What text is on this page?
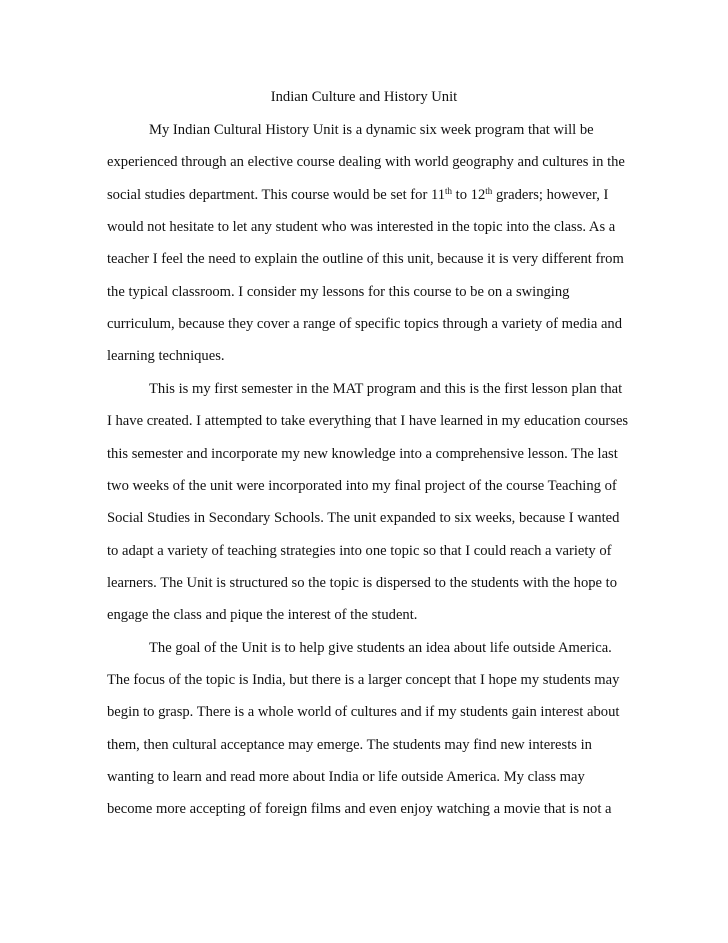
Indian Culture and History Unit
My Indian Cultural History Unit is a dynamic six week program that will be
experienced through an elective course dealing with world geography and cultures in the
social studies department. This course would be set for 11th to 12th graders; however, I
would not hesitate to let any student who was interested in the topic into the class. As a
teacher I feel the need to explain the outline of this unit, because it is very different from
the typical classroom. I consider my lessons for this course to be on a swinging
curriculum, because they cover a range of specific topics through a variety of media and
learning techniques.
This is my first semester in the MAT program and this is the first lesson plan that
I have created. I attempted to take everything that I have learned in my education courses
this semester and incorporate my new knowledge into a comprehensive lesson. The last
two weeks of the unit were incorporated into my final project of the course Teaching of
Social Studies in Secondary Schools. The unit expanded to six weeks, because I wanted
to adapt a variety of teaching strategies into one topic so that I could reach a variety of
learners. The Unit is structured so the topic is dispersed to the students with the hope to
engage the class and pique the interest of the student.
The goal of the Unit is to help give students an idea about life outside America.
The focus of the topic is India, but there is a larger concept that I hope my students may
begin to grasp. There is a whole world of cultures and if my students gain interest about
them, then cultural acceptance may emerge. The students may find new interests in
wanting to learn and read more about India or life outside America. My class may
become more accepting of foreign films and even enjoy watching a movie that is not a
